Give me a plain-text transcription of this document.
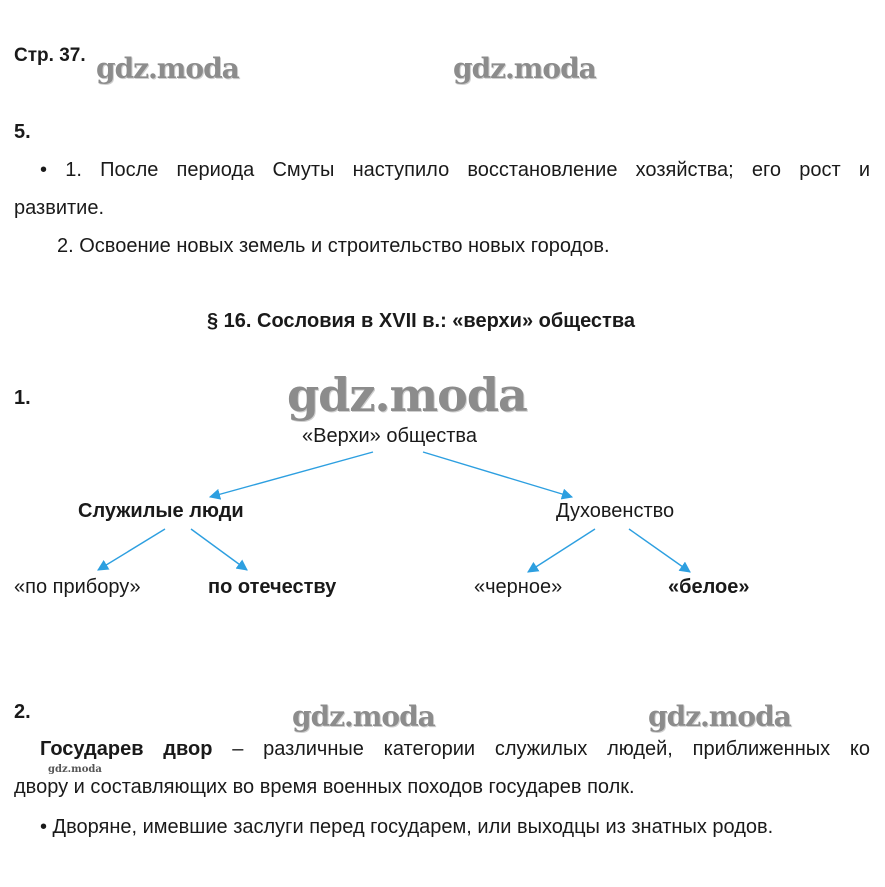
gdz.moda	gdz.moda
gdz.moda
gdz.moda	gdz.moda
gdz.moda
Стр. 37.
5.
• 1. После периода Смуты наступило восстановление хозяйства; его рост и
развитие.
2. Освоение новых земель и строительство новых городов.
§ 16. Сословия в XVII в.: «верхи» общества
1.
«Верхи» общества
Служилые люди	Духовенство
«по прибору»	по отечеству	«черное»	«белое»
2.
Государев двор – различные категории служилых людей, приближенных ко
двору и составляющих во время военных походов государев полк.
• Дворяне, имевшие заслуги перед государем, или выходцы из знатных родов.
